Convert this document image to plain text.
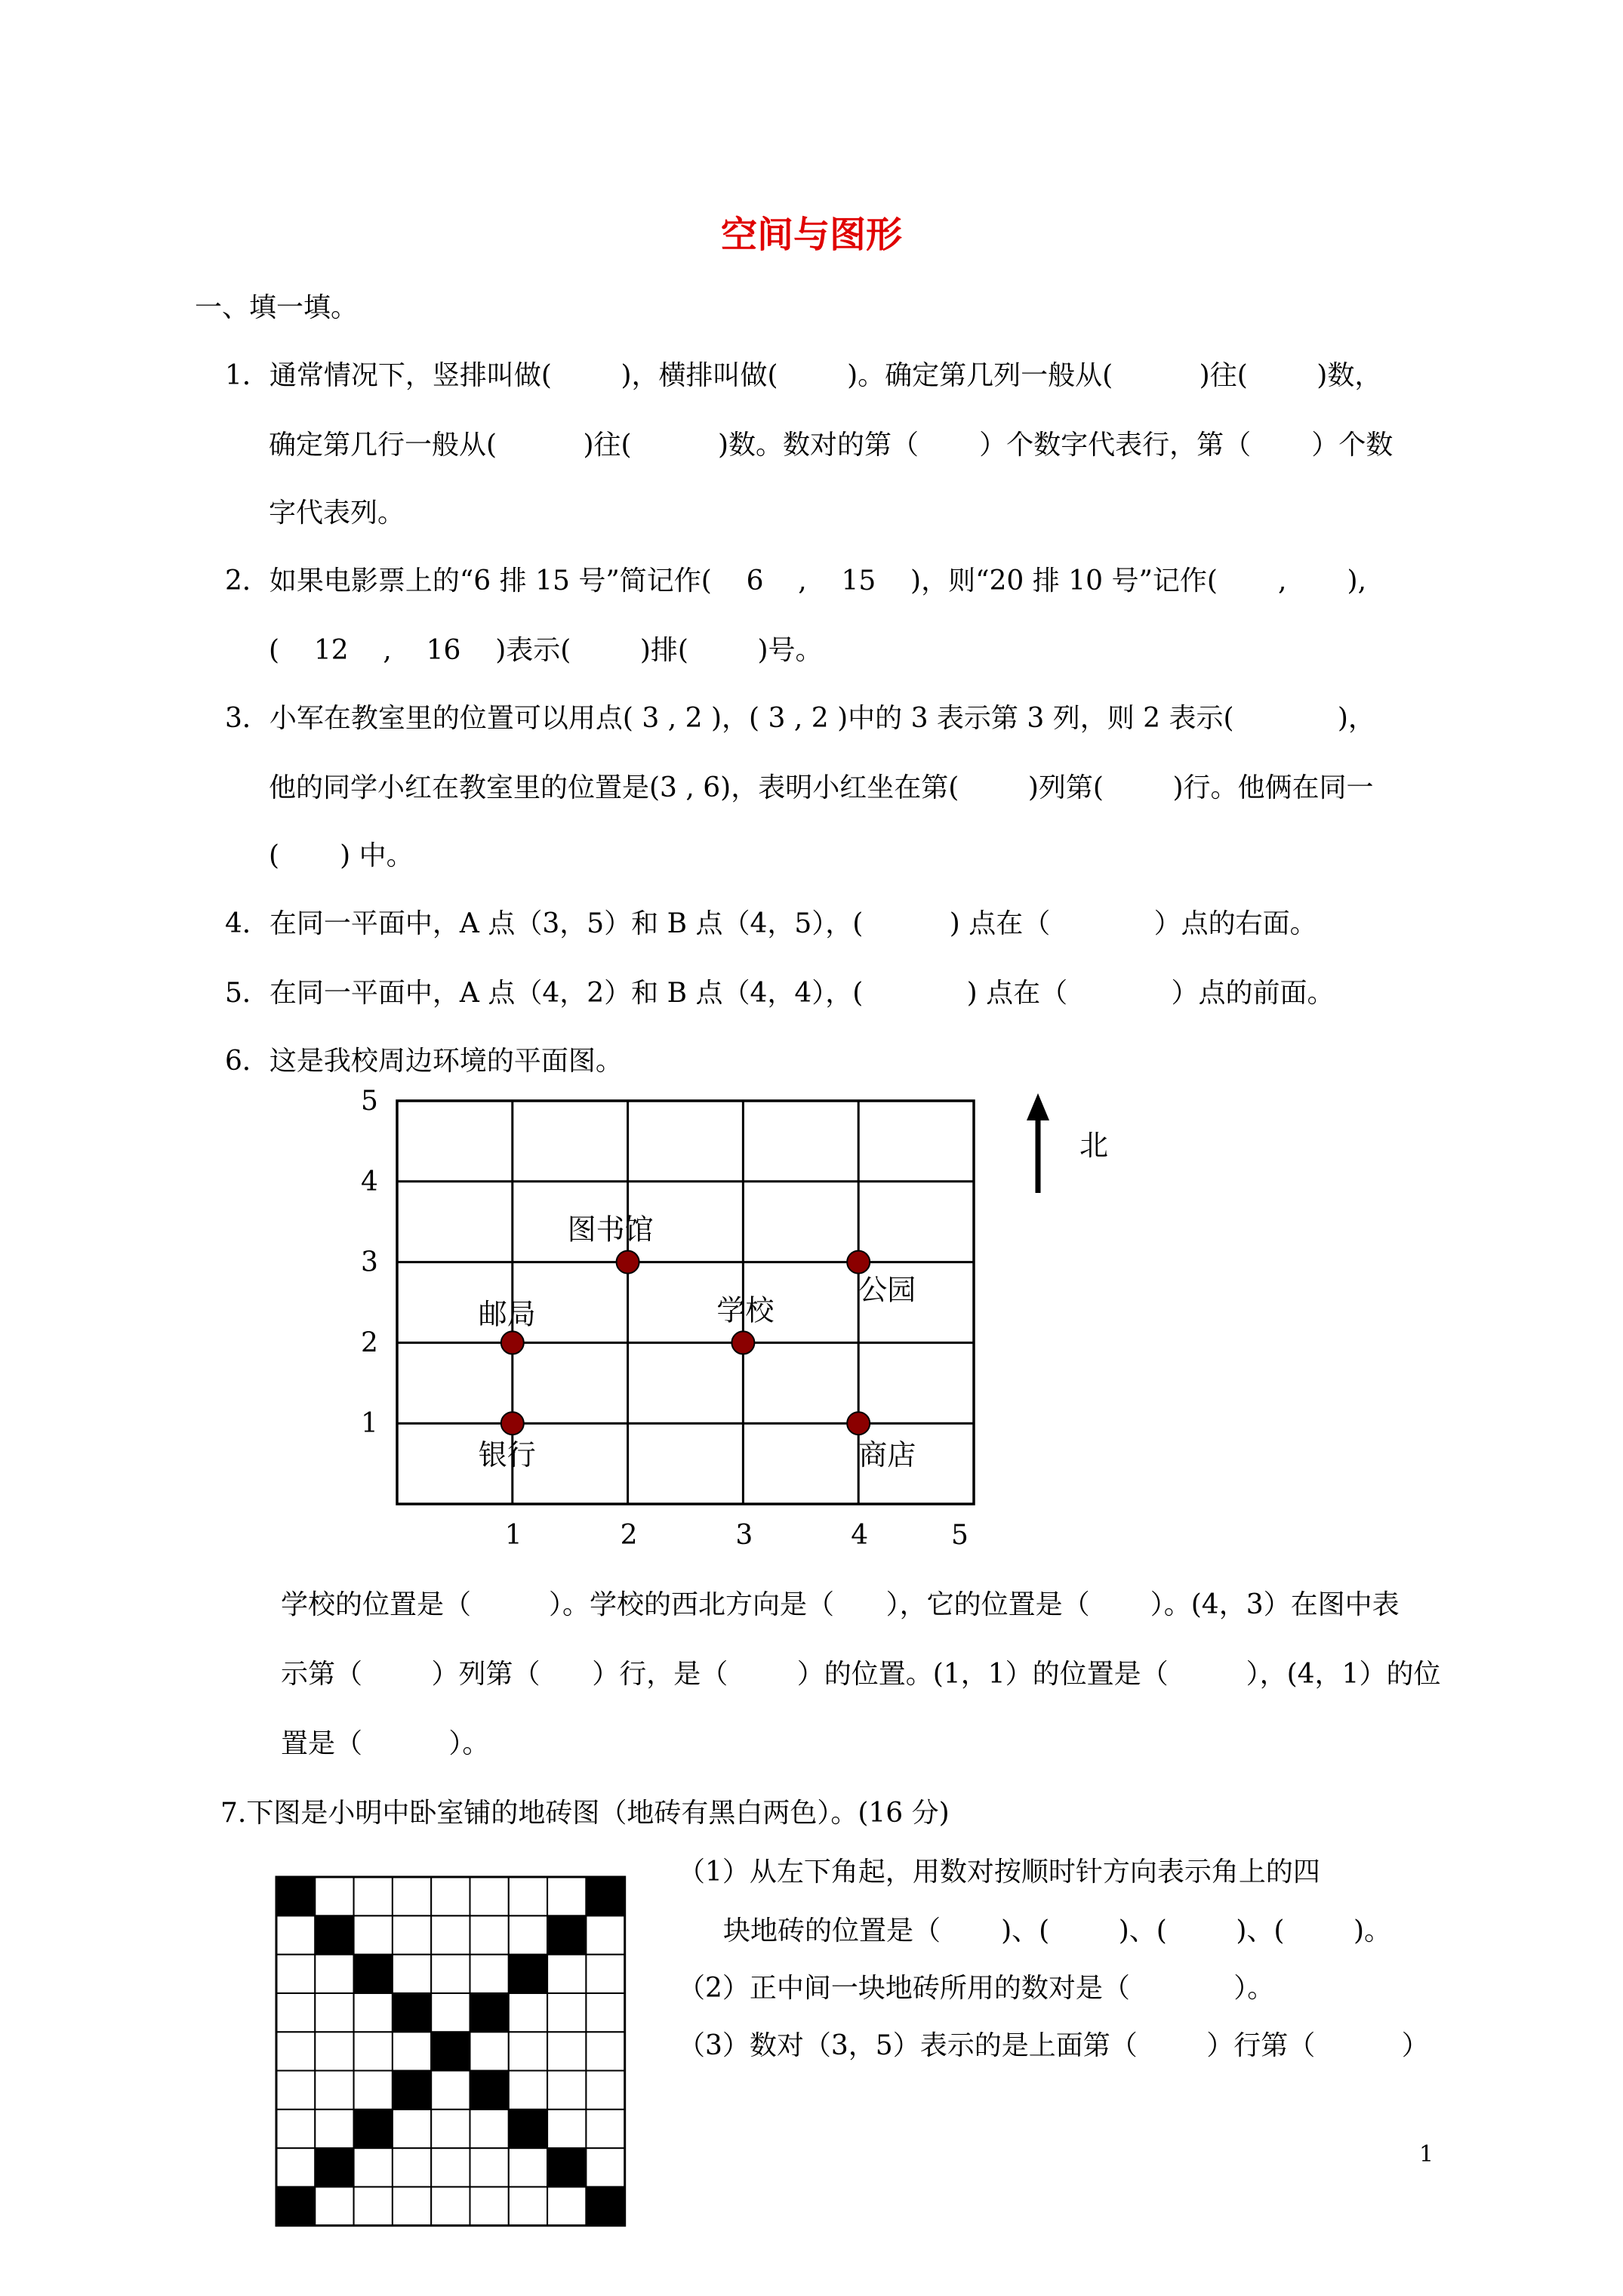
空间与图形
一、填一填。
1．通常情况下，竖排叫做(        )，横排叫做(        )。确定第几列一般从(          )往(        )数，
确定第几行一般从(          )往(          )数。数对的第（       ）个数字代表行，第（       ）个数
字代表列。
2．如果电影票上的“6 排 15 号”简记作(    6    ,    15    )，则“20 排 10 号”记作(       ,       ),
(    12    ,    16    )表示(        )排(        )号。
3．小军在教室里的位置可以用点( 3 , 2 )，( 3 , 2 )中的 3 表示第 3 列，则 2 表示(            )，
他的同学小红在教室里的位置是(3 , 6)，表明小红坐在第(        )列第(        )行。他俩在同一
(       ) 中。
4．在同一平面中，A 点（3，5）和 B 点（4，5），(          ) 点在（            ）点的右面。
5．在同一平面中，A 点（4，2）和 B 点（4，4），(            ) 点在（            ）点的前面。
6．这是我校周边环境的平面图。
1
2
3
4
5
1	2	3	4	5
图书馆
公园
邮局	学校
银行	商店
北
学校的位置是（         ）。学校的西北方向是（      ），它的位置是（       ）。(4，3）在图中表
示第（        ）列第（      ）行，是（        ）的位置。(1，1）的位置是（         ），(4，1）的位
置是（          ）。
7.下图是小明中卧室铺的地砖图（地砖有黑白两色）。(16 分)
（1）从左下角起，用数对按顺时针方向表示角上的四
块地砖的位置是（       )、(        )、(        )、(        )。
（2）正中间一块地砖所用的数对是（            ）。
（3）数对（3，5）表示的是上面第（        ）行第（          ）
1
